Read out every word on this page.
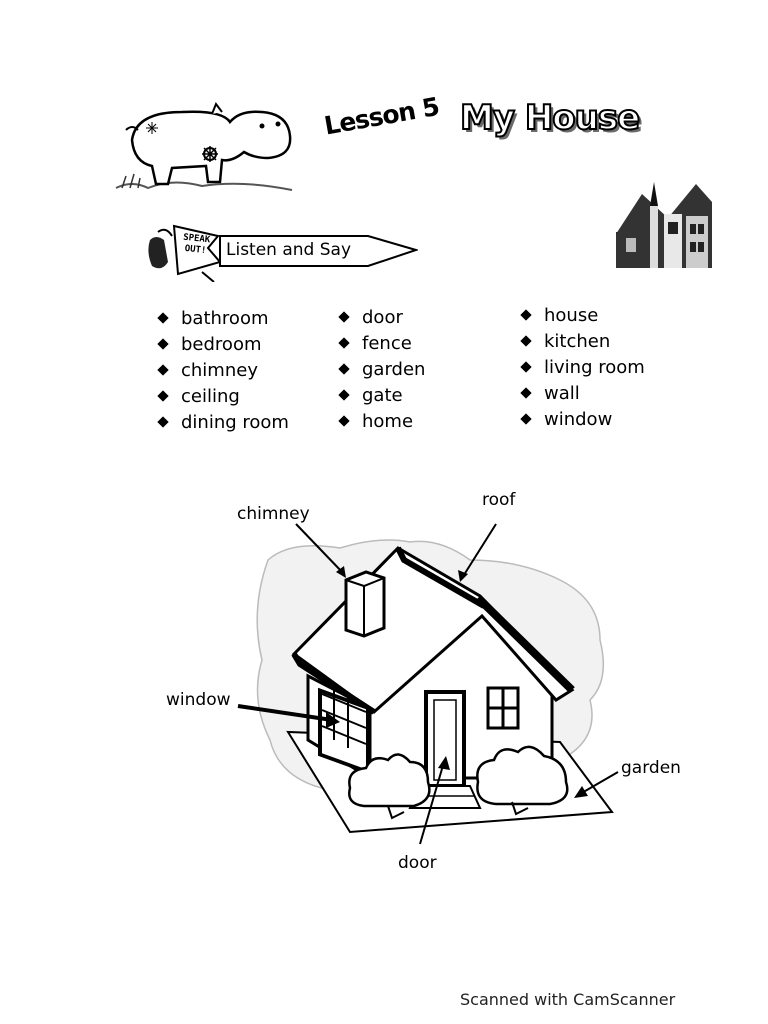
Lesson 5 My House
SPEAK OUT!	Listen and Say
bathroom
bedroom
chimney
ceiling
dining room
door
fence
garden
gate
home
house
kitchen
living room
wall
window
chimney
roof
window
garden
door
Scanned with CamScanner
